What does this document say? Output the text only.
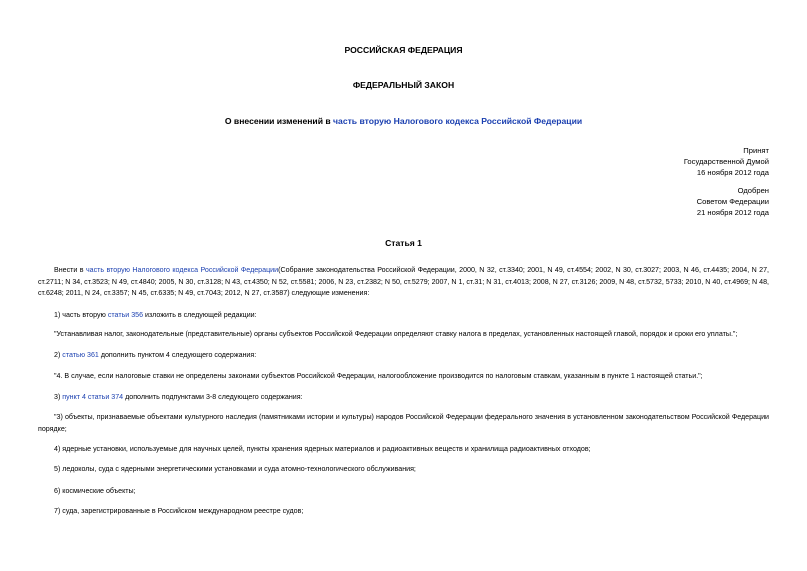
РОССИЙСКАЯ ФЕДЕРАЦИЯ
ФЕДЕРАЛЬНЫЙ ЗАКОН
О внесении изменений в часть вторую Налогового кодекса Российской Федерации
Принят
Государственной Думой
16 ноября 2012 года
Одобрен
Советом Федерации
21 ноября 2012 года
Статья 1
Внести в часть вторую Налогового кодекса Российской Федерации(Собрание законодательства Российской Федерации, 2000, N 32, ст.3340; 2001, N 49, ст.4554; 2002, N 30, ст.3027; 2003, N 46, ст.4435; 2004, N 27, ст.2711; N 34, ст.3523; N 49, ст.4840; 2005, N 30, ст.3128; N 43, ст.4350; N 52, ст.5581; 2006, N 23, ст.2382; N 50, ст.5279; 2007, N 1, ст.31; N 31, ст.4013; 2008, N 27, ст.3126; 2009, N 48, ст.5732, 5733; 2010, N 40, ст.4969; N 48, ст.6248; 2011, N 24, ст.3357; N 45, ст.6335; N 49, ст.7043; 2012, N 27, ст.3587) следующие изменения:
1) часть вторую статьи 356 изложить в следующей редакции:
"Устанавливая налог, законодательные (представительные) органы субъектов Российской Федерации определяют ставку налога в пределах, установленных настоящей главой, порядок и сроки его уплаты.";
2) статью 361 дополнить пунктом 4 следующего содержания:
"4. В случае, если налоговые ставки не определены законами субъектов Российской Федерации, налогообложение производится по налоговым ставкам, указанным в пункте 1 настоящей статьи.";
3) пункт 4 статьи 374 дополнить подпунктами 3-8 следующего содержания:
"3) объекты, признаваемые объектами культурного наследия (памятниками истории и культуры) народов Российской Федерации федерального значения в установленном законодательством Российской Федерации порядке;
4) ядерные установки, используемые для научных целей, пункты хранения ядерных материалов и радиоактивных веществ и хранилища радиоактивных отходов;
5) ледоколы, суда с ядерными энергетическими установками и суда атомно-технологического обслуживания;
6) космические объекты;
7) суда, зарегистрированные в Российском международном реестре судов;
